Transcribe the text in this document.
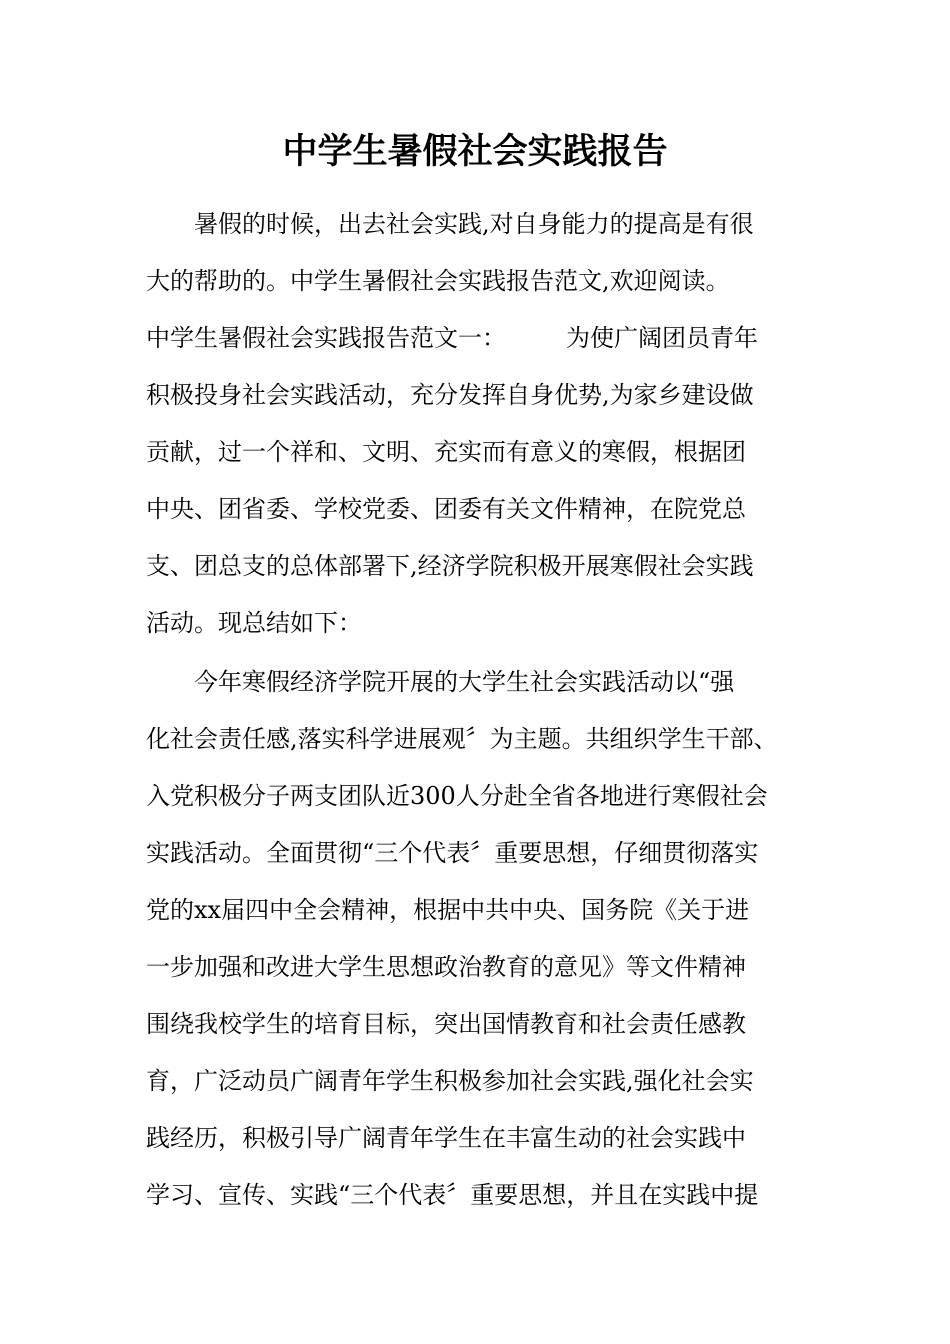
中学生暑假社会实践报告
　　暑假的时候，出去社会实践,对自身能力的提高是有很
大的帮助的。中学生暑假社会实践报告范文,欢迎阅读。
中学生暑假社会实践报告范文一：　　　为使广阔团员青年
积极投身社会实践活动，充分发挥自身优势,为家乡建设做
贡献，过一个祥和、文明、充实而有意义的寒假，根据团
中央、团省委、学校党委、团委有关文件精神，在院党总
支、团总支的总体部署下,经济学院积极开展寒假社会实践
活动。现总结如下：
　　今年寒假经济学院开展的大学生社会实践活动以“强
化社会责任感,落实科学进展观〞为主题。共组织学生干部、
入党积极分子两支团队近300人分赴全省各地进行寒假社会
实践活动。全面贯彻“三个代表〞重要思想，仔细贯彻落实
党的xx届四中全会精神，根据中共中央、国务院《关于进
一步加强和改进大学生思想政治教育的意见》等文件精神
围绕我校学生的培育目标，突出国情教育和社会责任感教
育，广泛动员广阔青年学生积极参加社会实践,强化社会实
践经历，积极引导广阔青年学生在丰富生动的社会实践中
学习、宣传、实践“三个代表〞重要思想，并且在实践中提
